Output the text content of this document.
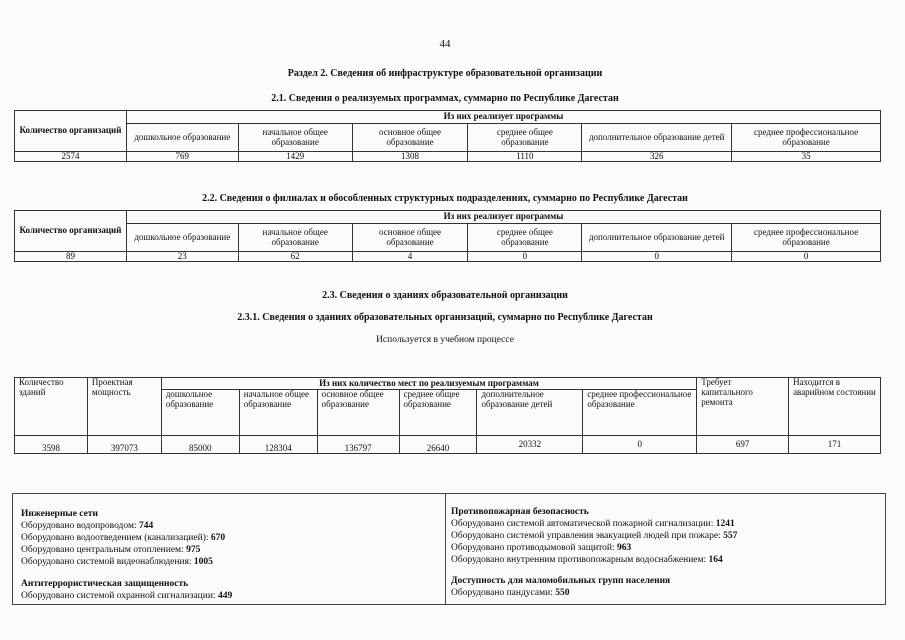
44
Раздел 2. Сведения об инфраструктуре образовательной организации
2.1. Сведения о реализуемых программах, суммарно по Республике Дагестан
Количество организаций	Из них реализует программы					
	дошкольное образование	начальное общее образование	основное общее образование	среднее общее образование	дополнительное образование детей	среднее профессиональное образование
2574	769	1429	1308	1110	326	35
2.2. Сведения о филиалах и обособленных структурных подразделениях, суммарно по Республике Дагестан
Количество организаций	Из них реализует программы					
	дошкольное образование	начальное общее образование	основное общее образование	среднее общее образование	дополнительное образование детей	среднее профессиональное образование
89	23	62	4	0	0	0
2.3. Сведения о зданиях образовательной организации
2.3.1. Сведения о зданиях образовательных организаций, суммарно по Республике Дагестан
Используется в учебном процессе
Количество зданий	Проектная мощность	Из них количество мест по реализуемым программам						Требует капитального ремонта	Находится в аварийном состоянии
		дошкольное образование	начальное общее образование	основное общее образование	среднее общее образование	дополнительное образование детей	среднее профессиональное образование		
3598	397073	85000	128304	136797	26640	20332	0	697	171
Инженерные сети
Оборудовано водопроводом: 744
Оборудовано водоотведением (канализацией): 670
Оборудовано центральным отоплением: 975
Оборудовано системой видеонаблюдения: 1005
Антитеррористическая защищенность
Оборудовано системой охранной сигнализации: 449
Противопожарная безопасность
Оборудовано системой автоматической пожарной сигнализации: 1241
Оборудовано системой управления эвакуацией людей при пожаре: 557
Оборудовано противодымовой защитой: 963
Оборудовано внутренним противопожарным водоснабжением: 164
Доступность для маломобильных групп населения
Оборудовано пандусами: 550
